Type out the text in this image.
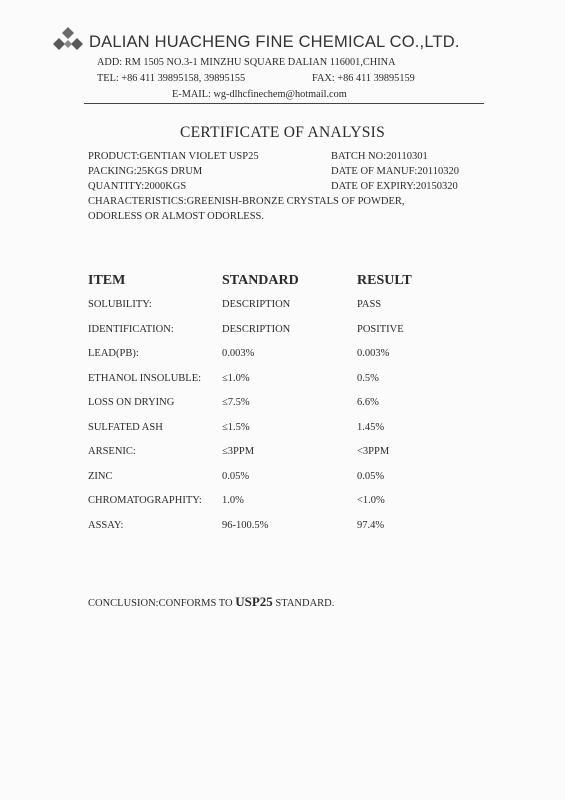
DALIAN HUACHENG FINE CHEMICAL CO.,LTD.
ADD: RM 1505 NO.3-1 MINZHU SQUARE DALIAN 116001,CHINA
TEL: +86 411 39895158, 39895155	FAX: +86 411 39895159
E-MAIL: wg-dlhcfinechem@hotmail.com
CERTIFICATE OF ANALYSIS
PRODUCT:GENTIAN VIOLET USP25	BATCH NO:20110301
PACKING:25KGS DRUM	DATE OF MANUF:20110320
QUANTITY:2000KGS	DATE OF EXPIRY:20150320
CHARACTERISTICS:GREENISH-BRONZE CRYSTALS OF POWDER,
ODORLESS OR ALMOST ODORLESS.
ITEM	STANDARD	RESULT
SOLUBILITY:	DESCRIPTION	PASS
IDENTIFICATION:	DESCRIPTION	POSITIVE
LEAD(PB):	0.003%	0.003%
ETHANOL INSOLUBLE: ≤1.0%	0.5%
LOSS ON DRYING	≤7.5%	6.6%
SULFATED ASH	≤1.5%	1.45%
ARSENIC:	≤3PPM	<3PPM
ZINC	0.05%	0.05%
CHROMATOGRAPHITY: 1.0%	<1.0%
ASSAY:	96-100.5%	97.4%
CONCLUSION:CONFORMS TO USP25 STANDARD.
